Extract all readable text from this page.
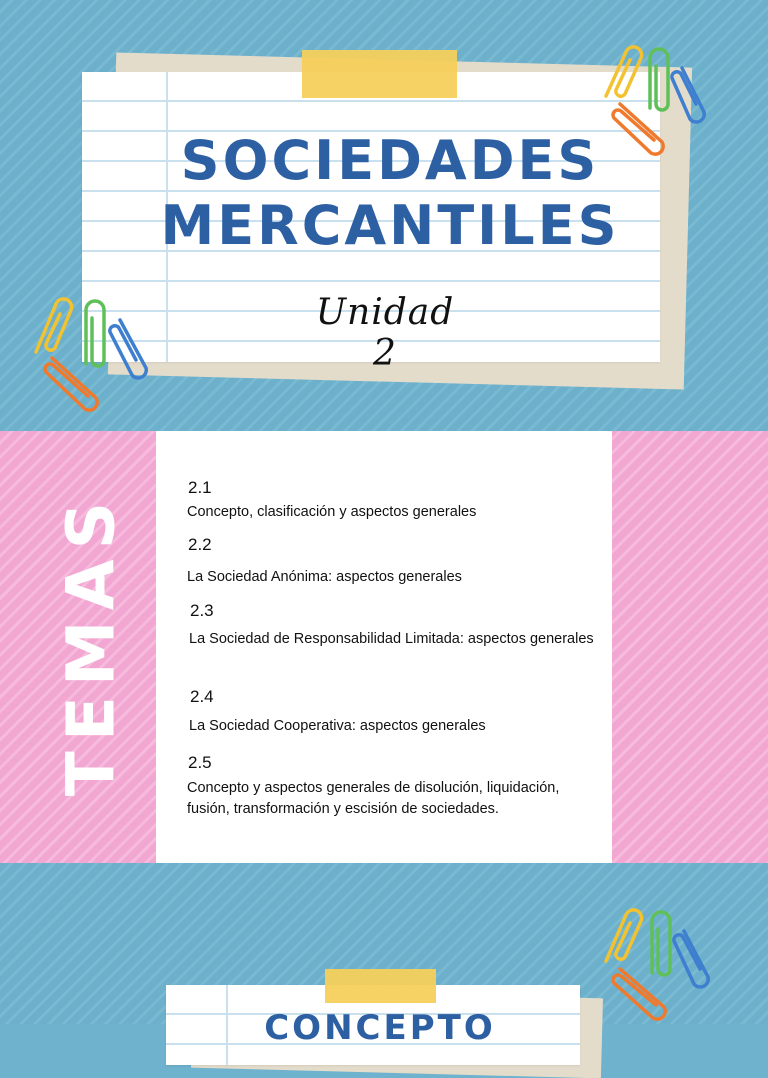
SOCIEDADES
MERCANTILES
Unidad 2
TEMAS
2.1
Concepto, clasificación y aspectos generales
2.2
La Sociedad Anónima: aspectos generales
2.3
La Sociedad de Responsabilidad Limitada: aspectos generales
2.4
La Sociedad Cooperativa: aspectos generales
2.5
Concepto y aspectos generales de disolución, liquidación, fusión, transformación y escisión de sociedades.
CONCEPTO
